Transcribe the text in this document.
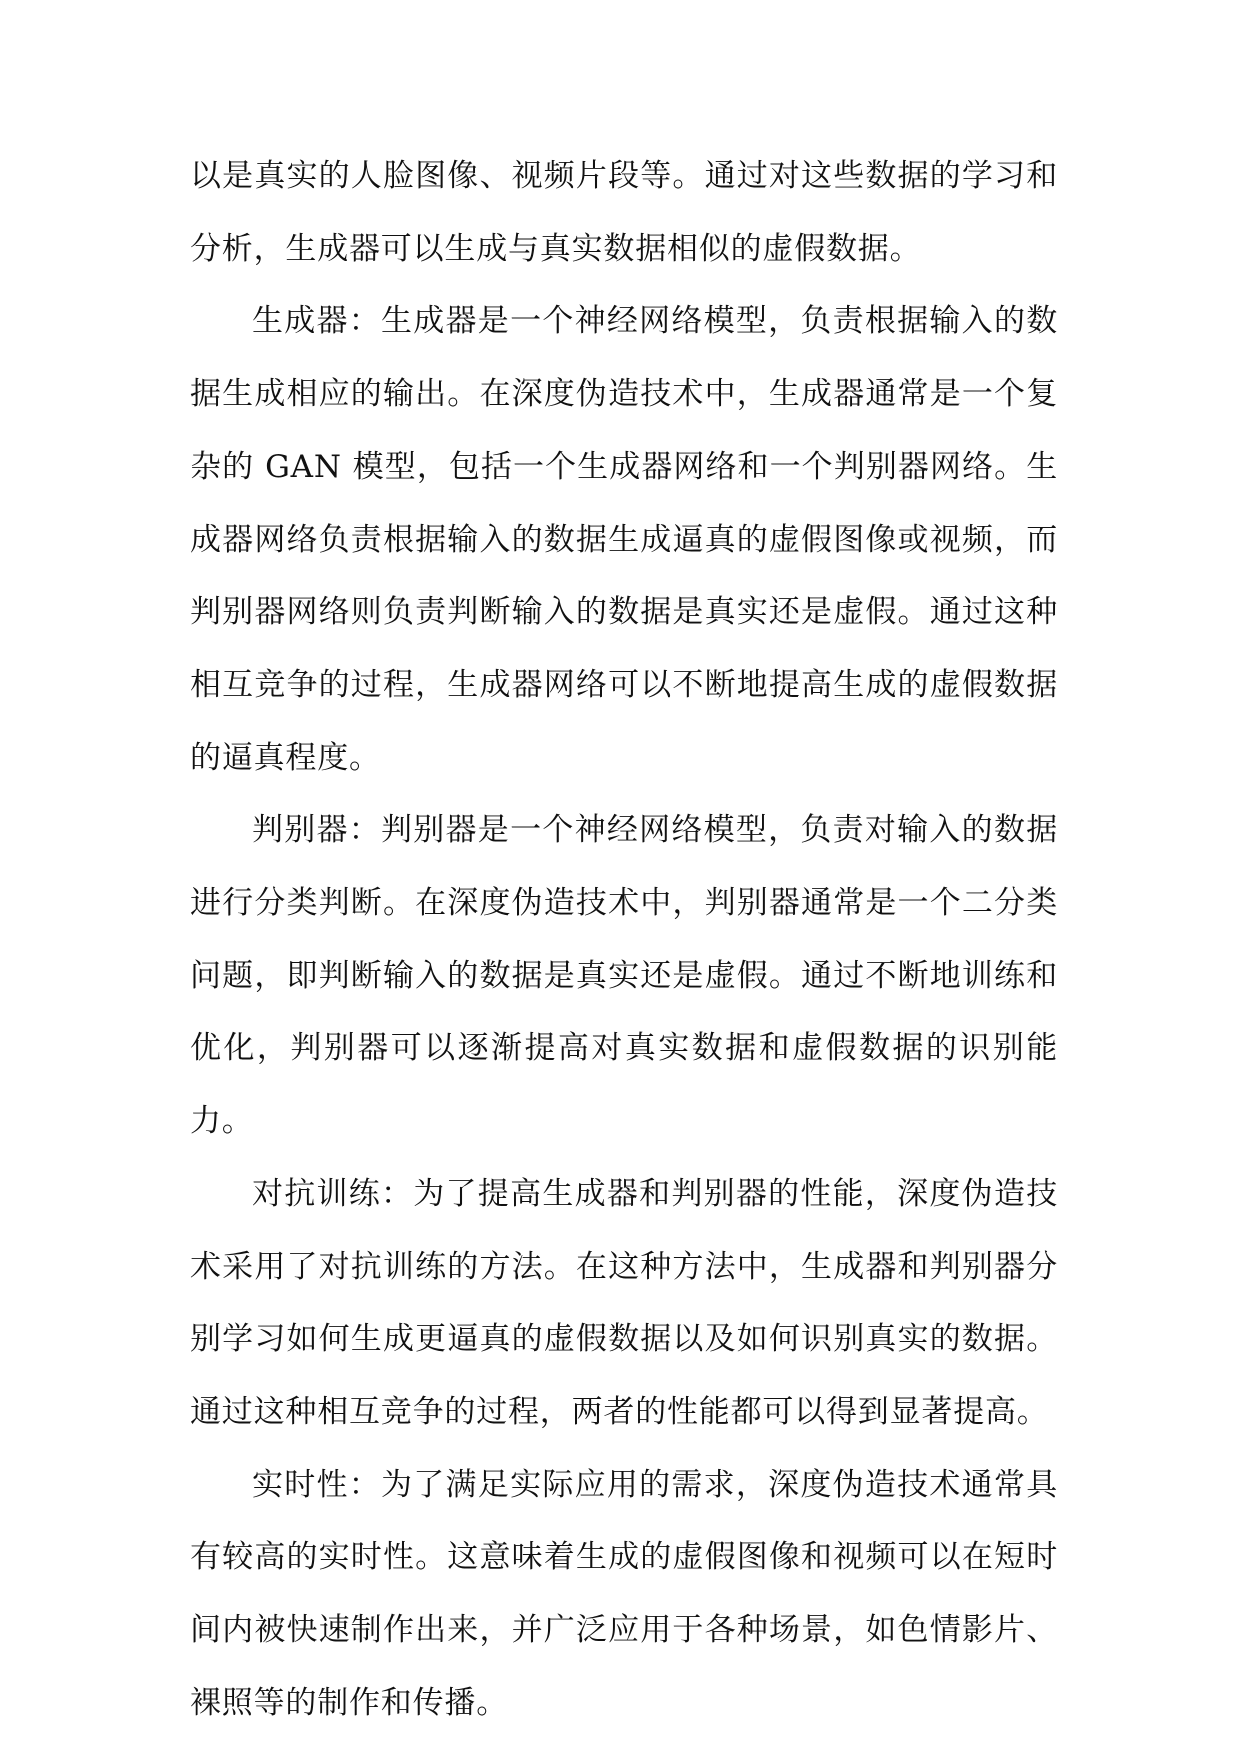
以是真实的人脸图像、视频片段等。通过对这些数据的学习和分析，生成器可以生成与真实数据相似的虚假数据。

生成器：生成器是一个神经网络模型，负责根据输入的数据生成相应的输出。在深度伪造技术中，生成器通常是一个复杂的 GAN 模型，包括一个生成器网络和一个判别器网络。生成器网络负责根据输入的数据生成逼真的虚假图像或视频，而判别器网络则负责判断输入的数据是真实还是虚假。通过这种相互竞争的过程，生成器网络可以不断地提高生成的虚假数据的逼真程度。

判别器：判别器是一个神经网络模型，负责对输入的数据进行分类判断。在深度伪造技术中，判别器通常是一个二分类问题，即判断输入的数据是真实还是虚假。通过不断地训练和优化，判别器可以逐渐提高对真实数据和虚假数据的识别能力。

对抗训练：为了提高生成器和判别器的性能，深度伪造技术采用了对抗训练的方法。在这种方法中，生成器和判别器分别学习如何生成更逼真的虚假数据以及如何识别真实的数据。通过这种相互竞争的过程，两者的性能都可以得到显著提高。

实时性：为了满足实际应用的需求，深度伪造技术通常具有较高的实时性。这意味着生成的虚假图像和视频可以在短时间内被快速制作出来，并广泛应用于各种场景，如色情影片、裸照等的制作和传播。
